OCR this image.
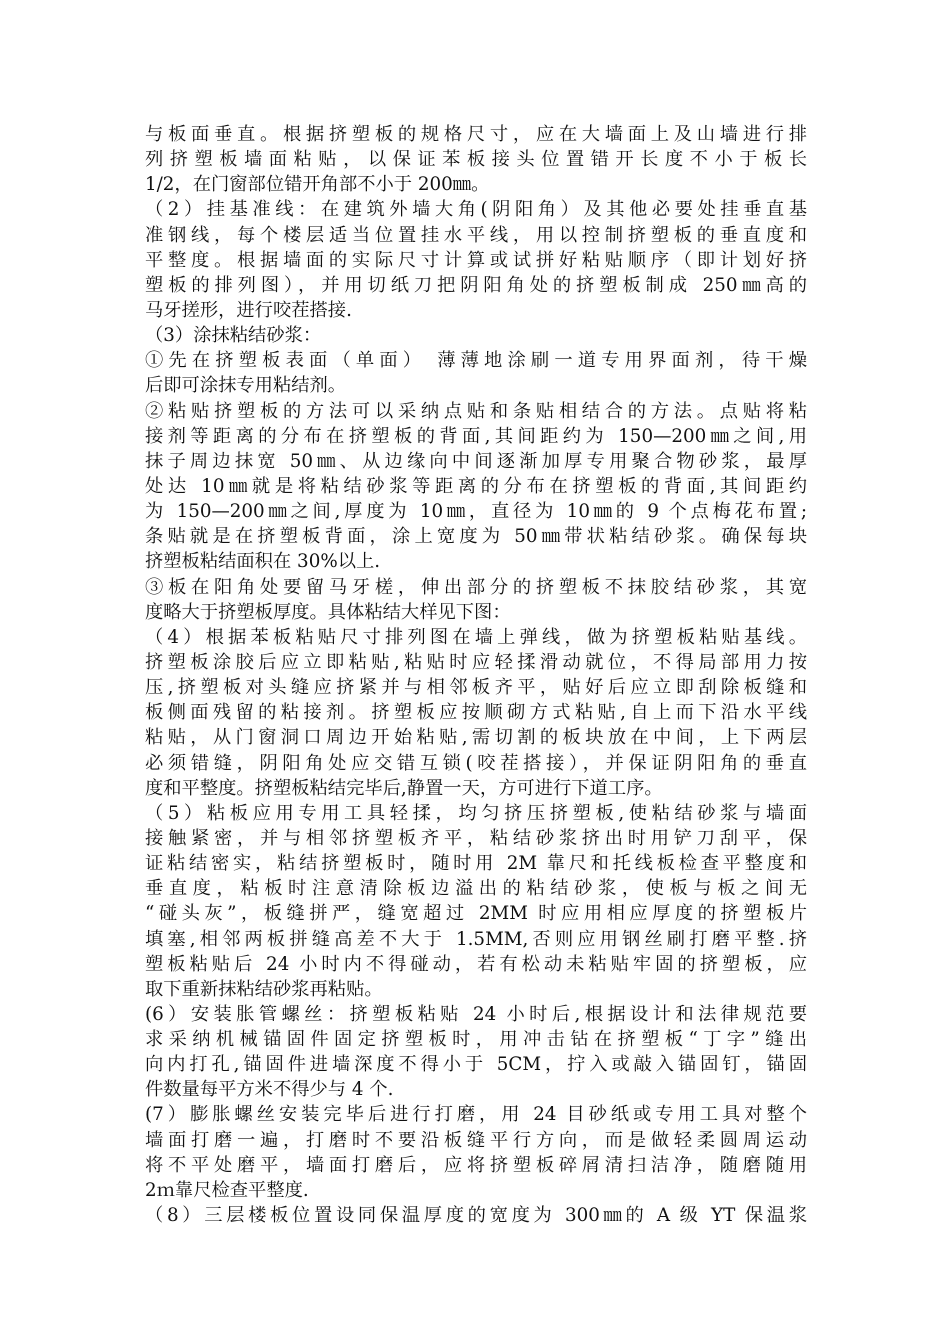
与板面垂直。根据挤塑板的规格尺寸，应在大墙面上及山墙进行排
列挤塑板墙面粘贴，以保证苯板接头位置错开长度不小于板长
1/2，在门窗部位错开角部不小于 200㎜。
（2）挂基准线：在建筑外墙大角(阴阳角）及其他必要处挂垂直基
准钢线，每个楼层适当位置挂水平线，用以控制挤塑板的垂直度和
平整度。根据墙面的实际尺寸计算或试拼好粘贴顺序（即计划好挤
塑板的排列图），并用切纸刀把阴阳角处的挤塑板制成 250㎜高的
马牙搓形，进行咬茬搭接.
（3）涂抹粘结砂浆：
①先在挤塑板表面（单面） 薄薄地涂刷一道专用界面剂，待干燥
后即可涂抹专用粘结剂。
②粘贴挤塑板的方法可以采纳点贴和条贴相结合的方法。点贴将粘
接剂等距离的分布在挤塑板的背面,其间距约为 150—200㎜之间,用
抹子周边抹宽 50㎜、从边缘向中间逐渐加厚专用聚合物砂浆，最厚
处达 10㎜就是将粘结砂浆等距离的分布在挤塑板的背面,其间距约
为 150—200㎜之间,厚度为 10㎜，直径为 10㎜的 9 个点梅花布置;
条贴就是在挤塑板背面，涂上宽度为 50㎜带状粘结砂浆。确保每块
挤塑板粘结面积在 30%以上.
③板在阳角处要留马牙槎，伸出部分的挤塑板不抹胶结砂浆，其宽
度略大于挤塑板厚度。具体粘结大样见下图：
（4）根据苯板粘贴尺寸排列图在墙上弹线，做为挤塑板粘贴基线。
挤塑板涂胶后应立即粘贴,粘贴时应轻揉滑动就位，不得局部用力按
压,挤塑板对头缝应挤紧并与相邻板齐平，贴好后应立即刮除板缝和
板侧面残留的粘接剂。挤塑板应按顺砌方式粘贴,自上而下沿水平线
粘贴，从门窗洞口周边开始粘贴,需切割的板块放在中间，上下两层
必须错缝，阴阳角处应交错互锁(咬茬搭接），并保证阴阳角的垂直
度和平整度。挤塑板粘结完毕后,静置一天，方可进行下道工序。
（5）粘板应用专用工具轻揉，均匀挤压挤塑板,使粘结砂浆与墙面
接触紧密，并与相邻挤塑板齐平，粘结砂浆挤出时用铲刀刮平，保
证粘结密实，粘结挤塑板时，随时用 2M 靠尺和托线板检查平整度和
垂直度，粘板时注意清除板边溢出的粘结砂浆，使板与板之间无
“碰头灰”，板缝拼严，缝宽超过 2MM 时应用相应厚度的挤塑板片
填塞,相邻两板拼缝高差不大于 1.5MM,否则应用钢丝刷打磨平整.挤
塑板粘贴后 24 小时内不得碰动，若有松动未粘贴牢固的挤塑板，应
取下重新抹粘结砂浆再粘贴。
(6）安装胀管螺丝：挤塑板粘贴 24 小时后,根据设计和法律规范要
求采纳机械锚固件固定挤塑板时，用冲击钻在挤塑板“丁字”缝出
向内打孔,锚固件进墙深度不得小于 5CM，拧入或敲入锚固钉，锚固
件数量每平方米不得少与 4 个.
(7）膨胀螺丝安装完毕后进行打磨，用 24 目砂纸或专用工具对整个
墙面打磨一遍，打磨时不要沿板缝平行方向，而是做轻柔圆周运动
将不平处磨平，墙面打磨后，应将挤塑板碎屑清扫洁净，随磨随用
2ｍ靠尺检查平整度.
（8）三层楼板位置设同保温厚度的宽度为 300㎜的 A 级 YT 保温浆
